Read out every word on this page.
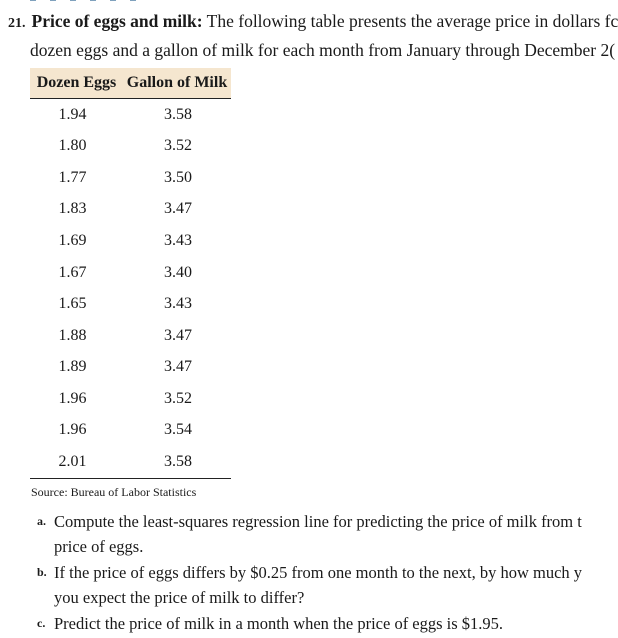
21. Price of eggs and milk: The following table presents the average price in dollars fc
dozen eggs and a gallon of milk for each month from January through December 2(
Dozen Eggs	Gallon of Milk
1.94	3.58
1.80	3.52
1.77	3.50
1.83	3.47
1.69	3.43
1.67	3.40
1.65	3.43
1.88	3.47
1.89	3.47
1.96	3.52
1.96	3.54
2.01	3.58
Source: Bureau of Labor Statistics
a. Compute the least-squares regression line for predicting the price of milk from t
price of eggs.
b. If the price of eggs differs by $0.25 from one month to the next, by how much y
you expect the price of milk to differ?
c. Predict the price of milk in a month when the price of eggs is $1.95.
